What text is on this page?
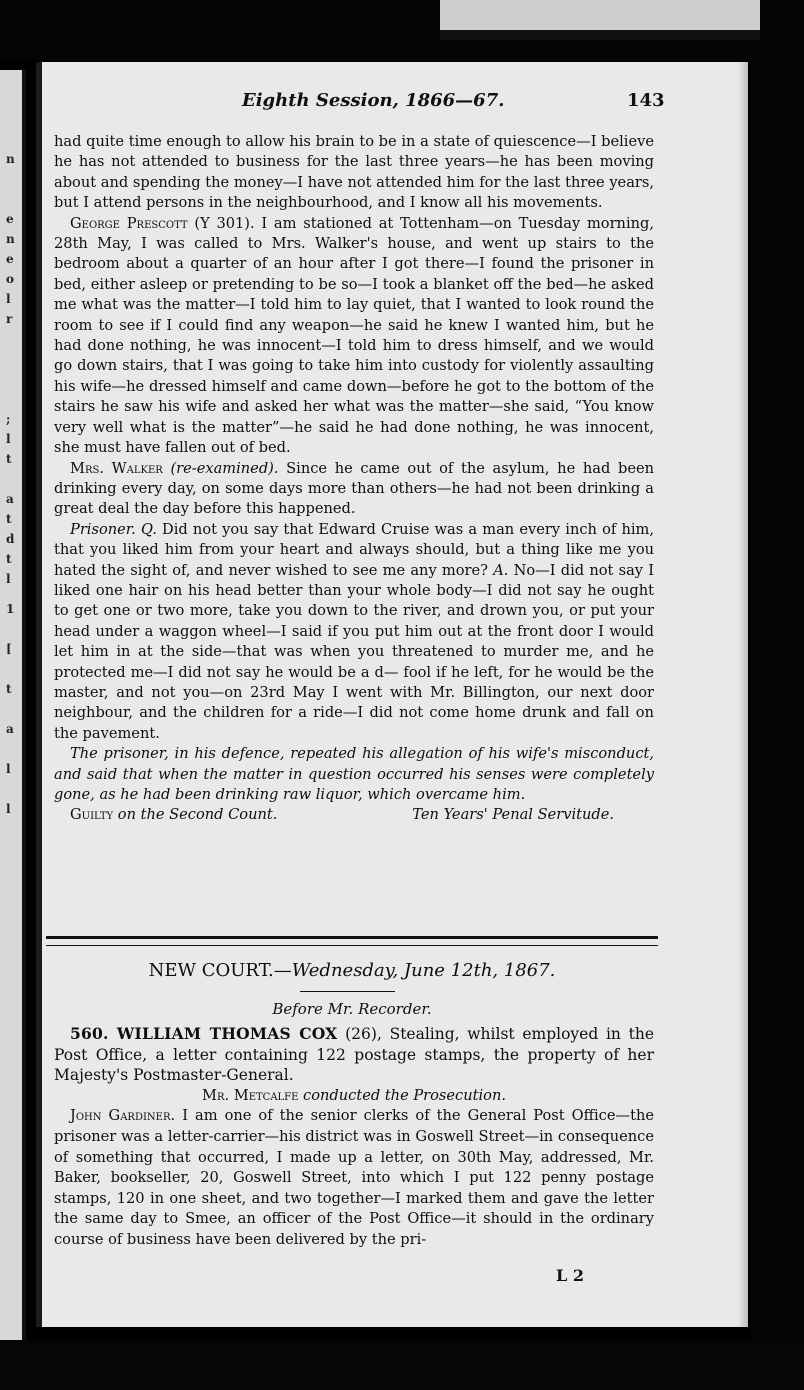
n
e
n
e
o
l
r
;
l
t
a
t
d
t
l
1
[
t
a
l
l
Eighth Session, 1866—67.	143

had quite time enough to allow his brain to be in a state of quiescence—I believe he has not attended to business for the last three years—he has been moving about and spending the money—I have not attended him for the last three years, but I attend persons in the neighbourhood, and I know all his movements.

George Prescott (Y 301). I am stationed at Tottenham—on Tuesday morning, 28th May, I was called to Mrs. Walker's house, and went up stairs to the bedroom about a quarter of an hour after I got there—I found the prisoner in bed, either asleep or pretending to be so—I took a blanket off the bed—he asked me what was the matter—I told him to lay quiet, that I wanted to look round the room to see if I could find any weapon—he said he knew I wanted him, but he had done nothing, he was innocent—I told him to dress himself, and we would go down stairs, that I was going to take him into custody for violently assaulting his wife—he dressed himself and came down—before he got to the bottom of the stairs he saw his wife and asked her what was the matter—she said, “You know very well what is the matter”—he said he had done nothing, he was innocent, she must have fallen out of bed.

Mrs. Walker (re-examined). Since he came out of the asylum, he had been drinking every day, on some days more than others—he had not been drinking a great deal the day before this happened.

Prisoner. Q. Did not you say that Edward Cruise was a man every inch of him, that you liked him from your heart and always should, but a thing like me you hated the sight of, and never wished to see me any more? A. No—I did not say I liked one hair on his head better than your whole body—I did not say he ought to get one or two more, take you down to the river, and drown you, or put your head under a waggon wheel—I said if you put him out at the front door I would let him in at the side—that was when you threatened to murder me, and he protected me—I did not say he would be a d— fool if he left, for he would be the master, and not you—on 23rd May I went with Mr. Billington, our next door neighbour, and the children for a ride—I did not come home drunk and fall on the pavement.

The prisoner, in his defence, repeated his allegation of his wife's misconduct, and said that when the matter in question occurred his senses were completely gone, as he had been drinking raw liquor, which overcame him.

Guilty on the Second Count.	Ten Years' Penal Servitude.

NEW COURT.—Wednesday, June 12th, 1867.
Before Mr. Recorder.

560. WILLIAM THOMAS COX (26), Stealing, whilst employed in the Post Office, a letter containing 122 postage stamps, the property of her Majesty's Postmaster-General.

Mr. Metcalfe conducted the Prosecution.

John Gardiner. I am one of the senior clerks of the General Post Office—the prisoner was a letter-carrier—his district was in Goswell Street—in consequence of something that occurred, I made up a letter, on 30th May, addressed, Mr. Baker, bookseller, 20, Goswell Street, into which I put 122 penny postage stamps, 120 in one sheet, and two together—I marked them and gave the letter the same day to Smee, an officer of the Post Office—it should in the ordinary course of business have been delivered by the pri-

L 2
